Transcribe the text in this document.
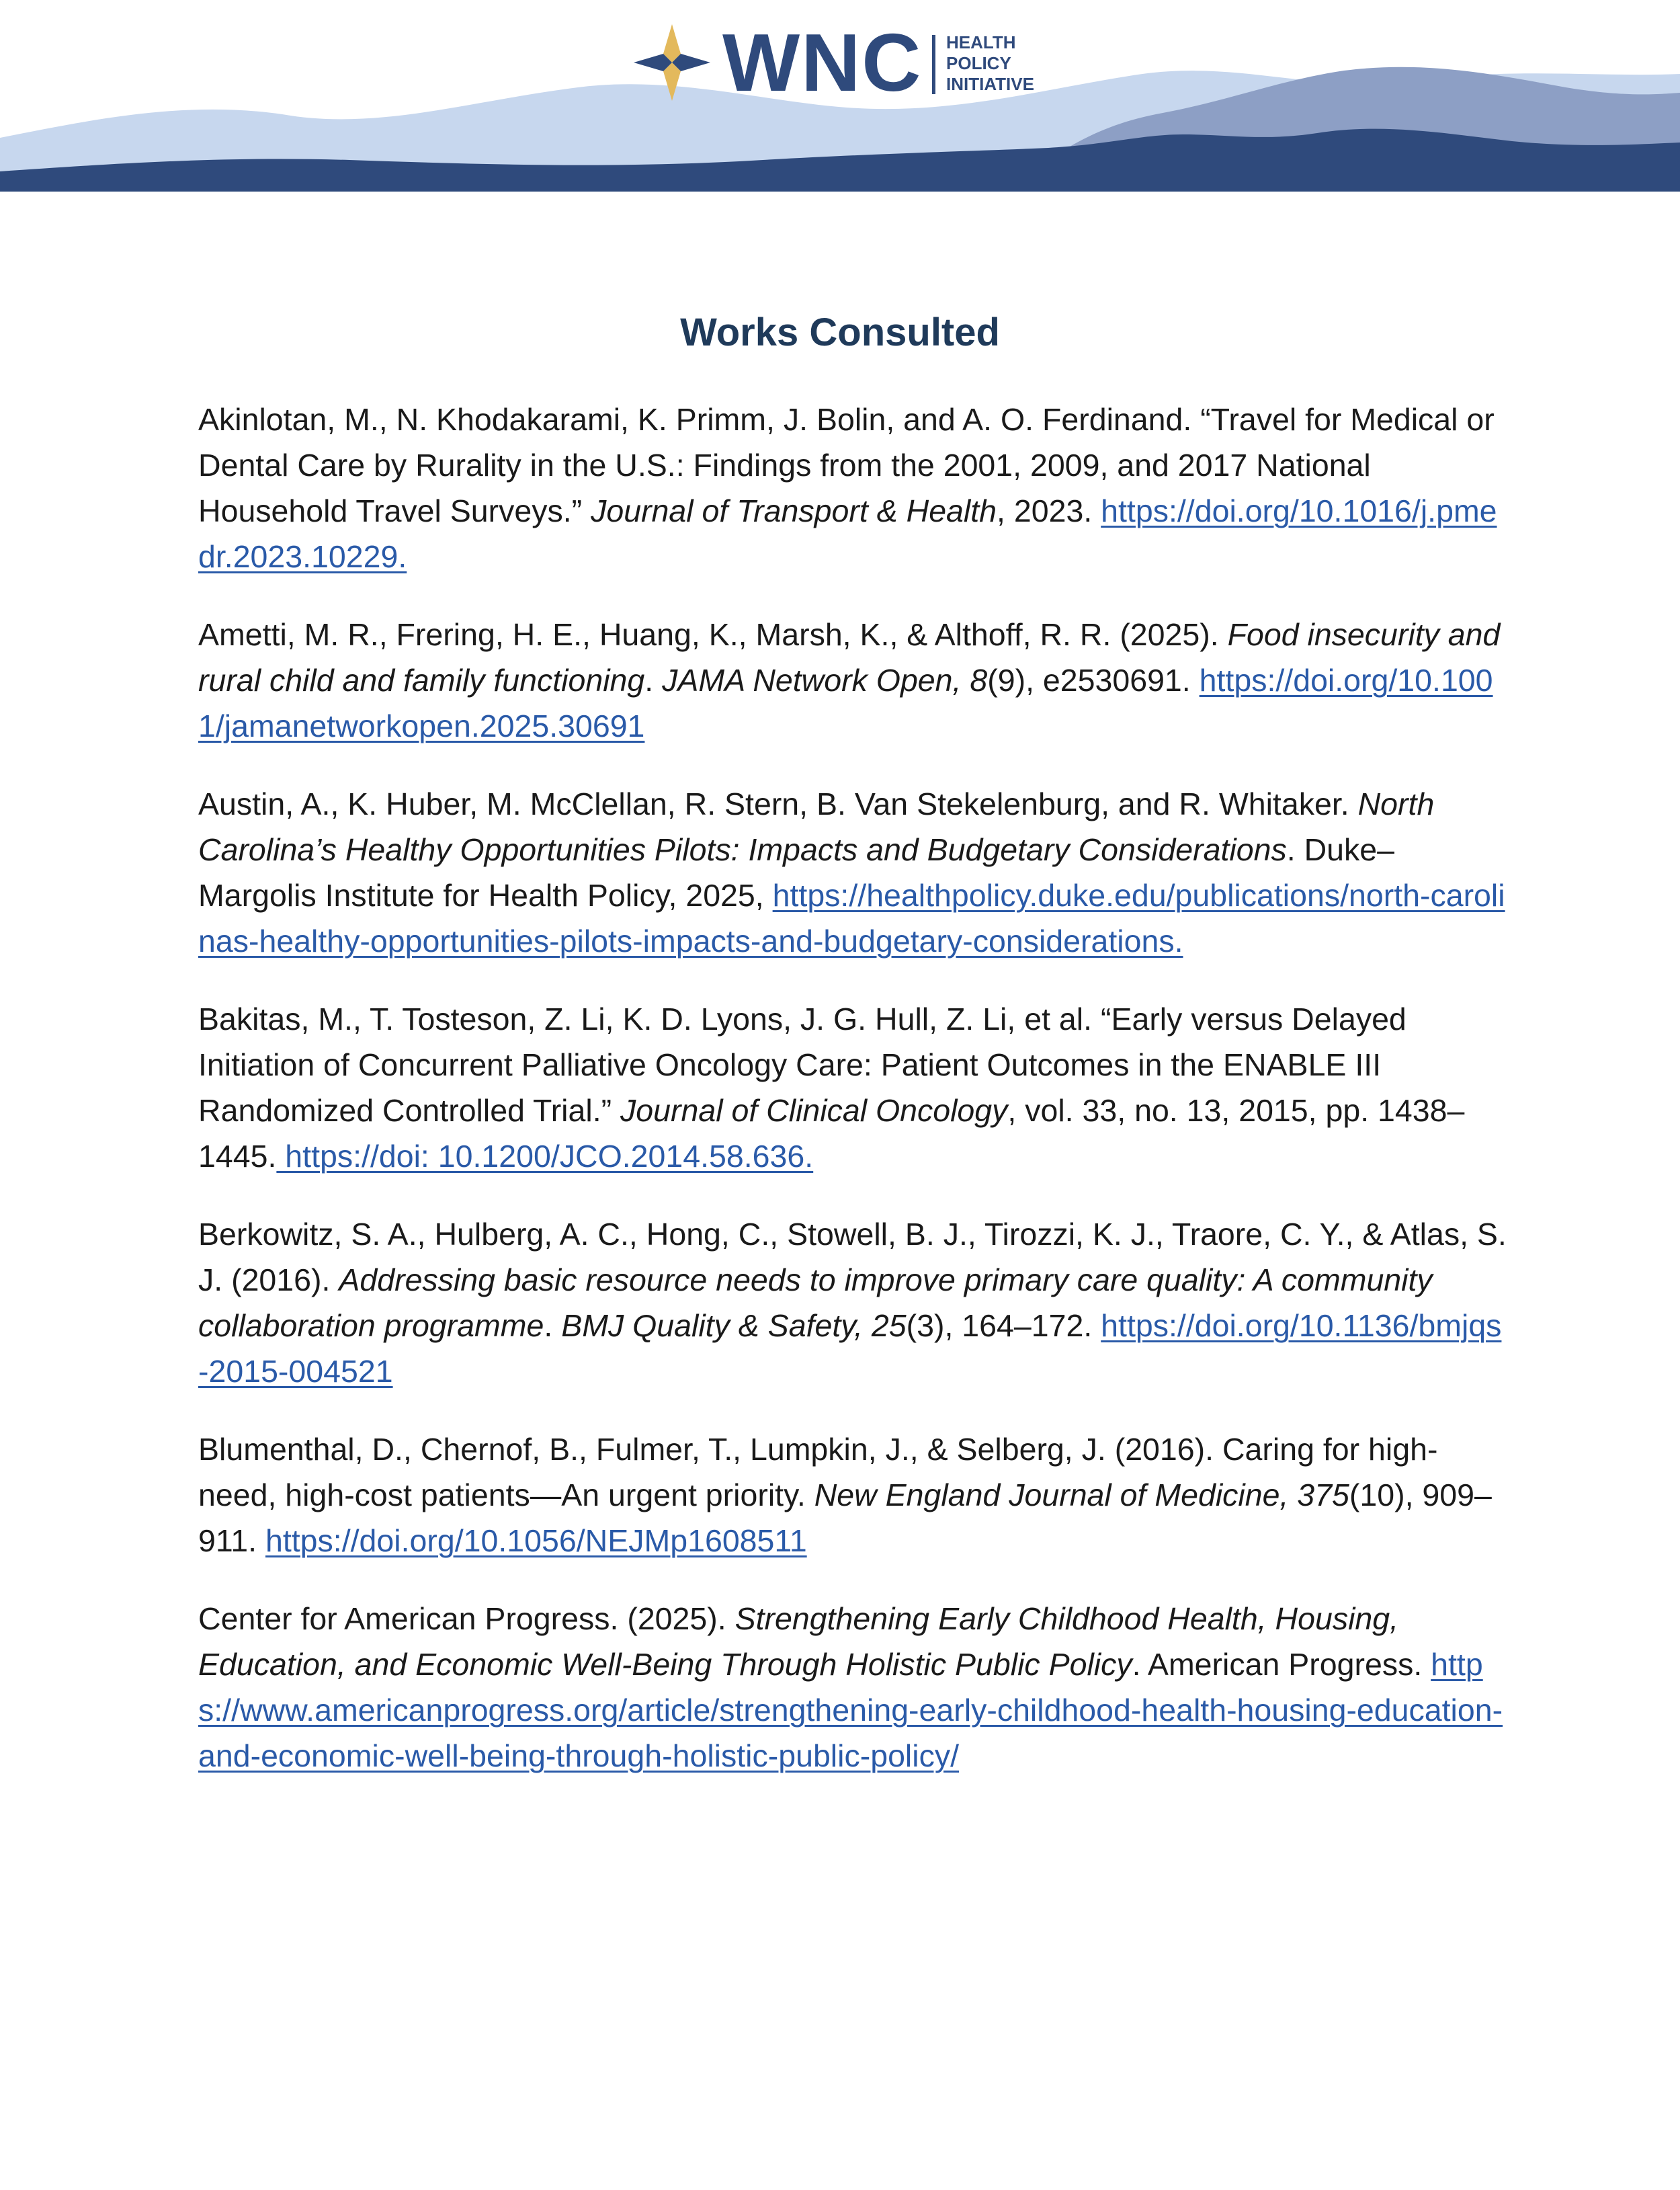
WNC HEALTH
POLICY
INITIATIVE
Works Consulted

Akinlotan, M., N. Khodakarami, K. Primm, J. Bolin, and A. O. Ferdinand. “Travel for Medical or Dental Care by Rurality in the U.S.: Findings from the 2001, 2009, and 2017 National Household Travel Surveys.” Journal of Transport & Health, 2023. https://doi.org/10.1016/j.pmedr.2023.10229.

Ametti, M. R., Frering, H. E., Huang, K., Marsh, K., & Althoff, R. R. (2025). Food insecurity and rural child and family functioning. JAMA Network Open, 8(9), e2530691. https://doi.org/10.1001/jamanetworkopen.2025.30691

Austin, A., K. Huber, M. McClellan, R. Stern, B. Van Stekelenburg, and R. Whitaker. North Carolina’s Healthy Opportunities Pilots: Impacts and Budgetary Considerations. Duke–Margolis Institute for Health Policy, 2025, https://healthpolicy.duke.edu/publications/north-carolinas-healthy-opportunities-pilots-impacts-and-budgetary-considerations.

Bakitas, M., T. Tosteson, Z. Li, K. D. Lyons, J. G. Hull, Z. Li, et al. “Early versus Delayed Initiation of Concurrent Palliative Oncology Care: Patient Outcomes in the ENABLE III Randomized Controlled Trial.” Journal of Clinical Oncology, vol. 33, no. 13, 2015, pp. 1438–1445. https://doi: 10.1200/JCO.2014.58.636.

Berkowitz, S. A., Hulberg, A. C., Hong, C., Stowell, B. J., Tirozzi, K. J., Traore, C. Y., & Atlas, S. J. (2016). Addressing basic resource needs to improve primary care quality: A community collaboration programme. BMJ Quality & Safety, 25(3), 164–172. https://doi.org/10.1136/bmjqs-2015-004521

Blumenthal, D., Chernof, B., Fulmer, T., Lumpkin, J., & Selberg, J. (2016). Caring for high-need, high-cost patients—An urgent priority. New England Journal of Medicine, 375(10), 909–911. https://doi.org/10.1056/NEJMp1608511

Center for American Progress. (2025). Strengthening Early Childhood Health, Housing, Education, and Economic Well-Being Through Holistic Public Policy. American Progress. https://www.americanprogress.org/article/strengthening-early-childhood-health-housing-education-and-economic-well-being-through-holistic-public-policy/
